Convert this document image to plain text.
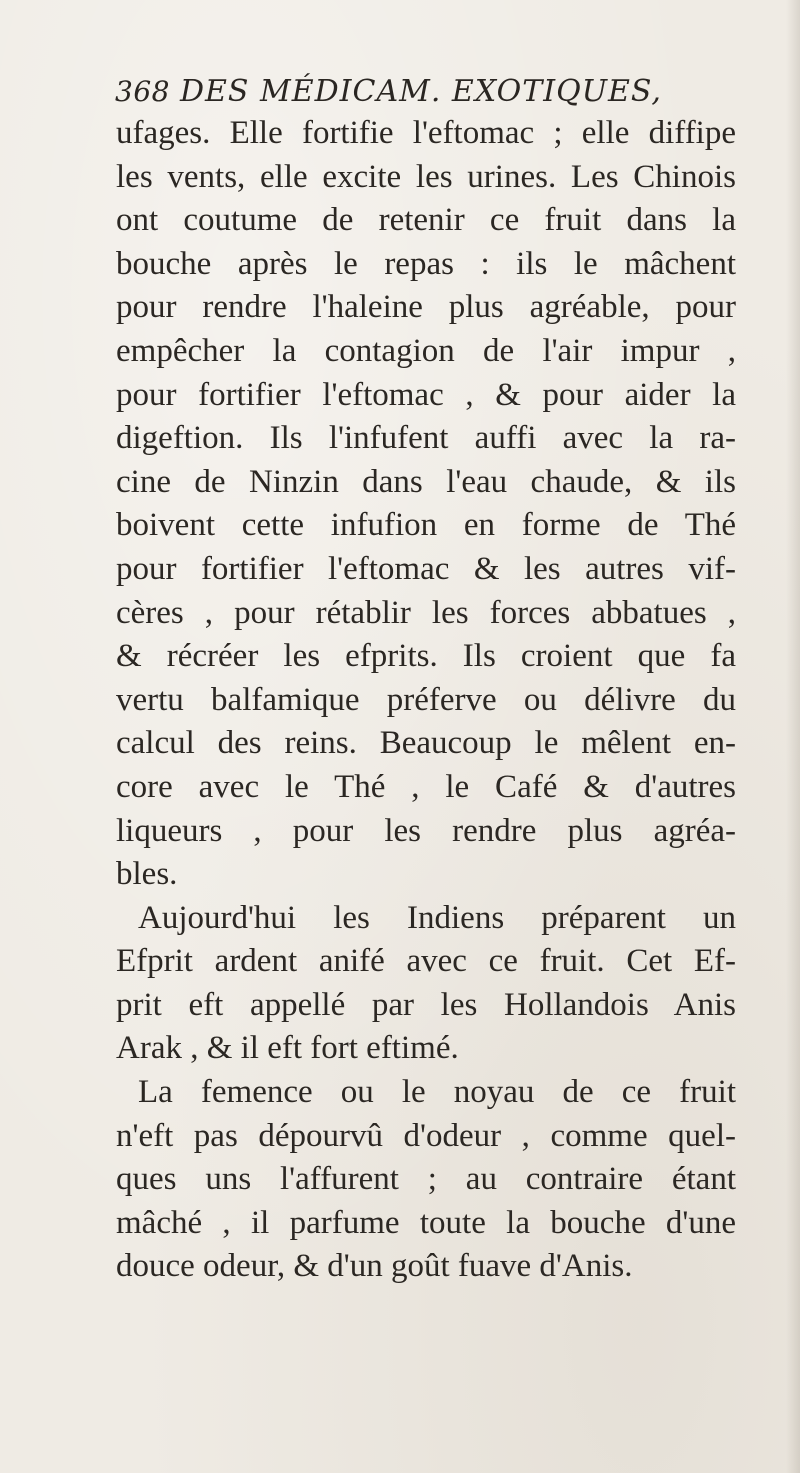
368 DES MÉDICAM. EXOTIQUES,
ufages. Elle fortifie l'eftomac ; elle diffipe
les vents, elle excite les urines. Les Chinois
ont coutume de retenir ce fruit dans la
bouche après le repas : ils le mâchent
pour rendre l'haleine plus agréable, pour
empêcher la contagion de l'air impur ,
pour fortifier l'eftomac , & pour aider la
digeftion. Ils l'infufent auffi avec la ra-
cine de Ninzin dans l'eau chaude, & ils
boivent cette infufion en forme de Thé
pour fortifier l'eftomac & les autres vif-
cères , pour rétablir les forces abbatues ,
& récréer les efprits. Ils croient que fa
vertu balfamique préferve ou délivre du
calcul des reins. Beaucoup le mêlent en-
core avec le Thé , le Café & d'autres
liqueurs , pour les rendre plus agréa-
bles.
Aujourd'hui les Indiens préparent un
Efprit ardent anifé avec ce fruit. Cet Ef-
prit eft appellé par les Hollandois Anis
Arak , & il eft fort eftimé.
La femence ou le noyau de ce fruit
n'eft pas dépourvû d'odeur , comme quel-
ques uns l'affurent ; au contraire étant
mâché , il parfume toute la bouche d'une
douce odeur, & d'un goût fuave d'Anis.
